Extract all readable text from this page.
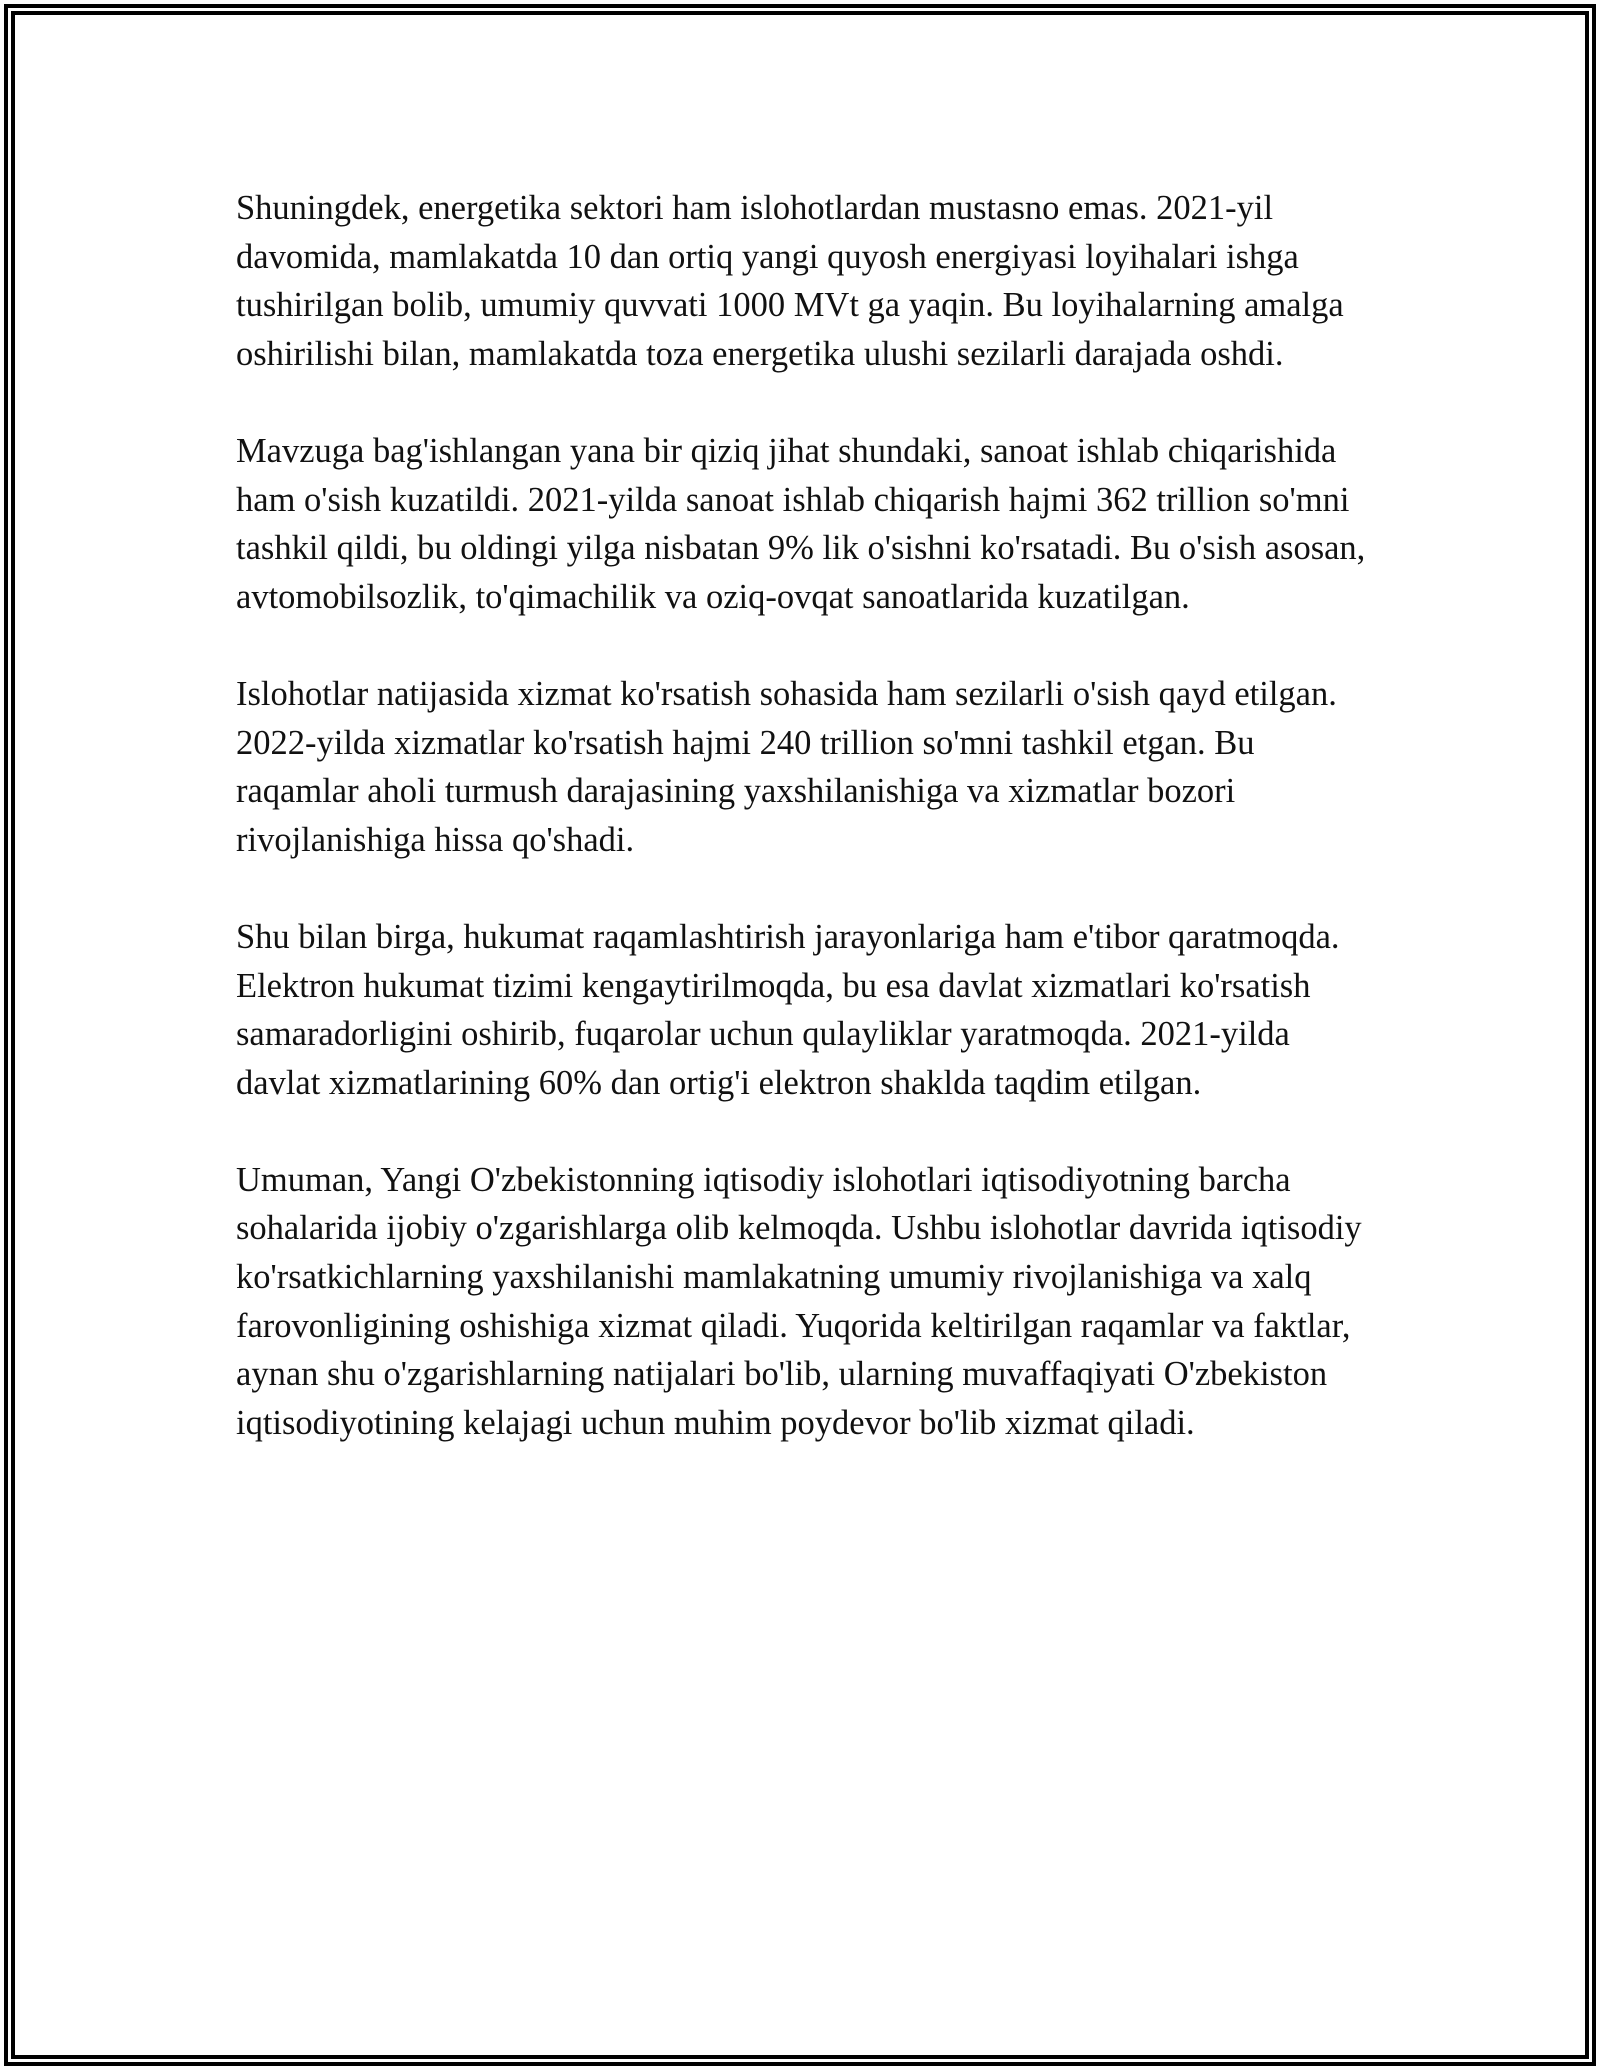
Shuningdek, energetika sektori ham islohotlardan mustasno emas. 2021-yil davomida, mamlakatda 10 dan ortiq yangi quyosh energiyasi loyihalari ishga tushirilgan bolib, umumiy quvvati 1000 MVt ga yaqin. Bu loyihalarning amalga oshirilishi bilan, mamlakatda toza energetika ulushi sezilarli darajada oshdi.

Mavzuga bag'ishlangan yana bir qiziq jihat shundaki, sanoat ishlab chiqarishida ham o'sish kuzatildi. 2021-yilda sanoat ishlab chiqarish hajmi 362 trillion so'mni tashkil qildi, bu oldingi yilga nisbatan 9% lik o'sishni ko'rsatadi. Bu o'sish asosan, avtomobilsozlik, to'qimachilik va oziq-ovqat sanoatlarida kuzatilgan.

Islohotlar natijasida xizmat ko'rsatish sohasida ham sezilarli o'sish qayd etilgan. 2022-yilda xizmatlar ko'rsatish hajmi 240 trillion so'mni tashkil etgan. Bu raqamlar aholi turmush darajasining yaxshilanishiga va xizmatlar bozori rivojlanishiga hissa qo'shadi.

Shu bilan birga, hukumat raqamlashtirish jarayonlariga ham e'tibor qaratmoqda. Elektron hukumat tizimi kengaytirilmoqda, bu esa davlat xizmatlari ko'rsatish samaradorligini oshirib, fuqarolar uchun qulayliklar yaratmoqda. 2021-yilda davlat xizmatlarining 60% dan ortig'i elektron shaklda taqdim etilgan.

Umuman, Yangi O'zbekistonning iqtisodiy islohotlari iqtisodiyotning barcha sohalarida ijobiy o'zgarishlarga olib kelmoqda. Ushbu islohotlar davrida iqtisodiy ko'rsatkichlarning yaxshilanishi mamlakatning umumiy rivojlanishiga va xalq farovonligining oshishiga xizmat qiladi. Yuqorida keltirilgan raqamlar va faktlar, aynan shu o'zgarishlarning natijalari bo'lib, ularning muvaffaqiyati O'zbekiston iqtisodiyotining kelajagi uchun muhim poydevor bo'lib xizmat qiladi.
